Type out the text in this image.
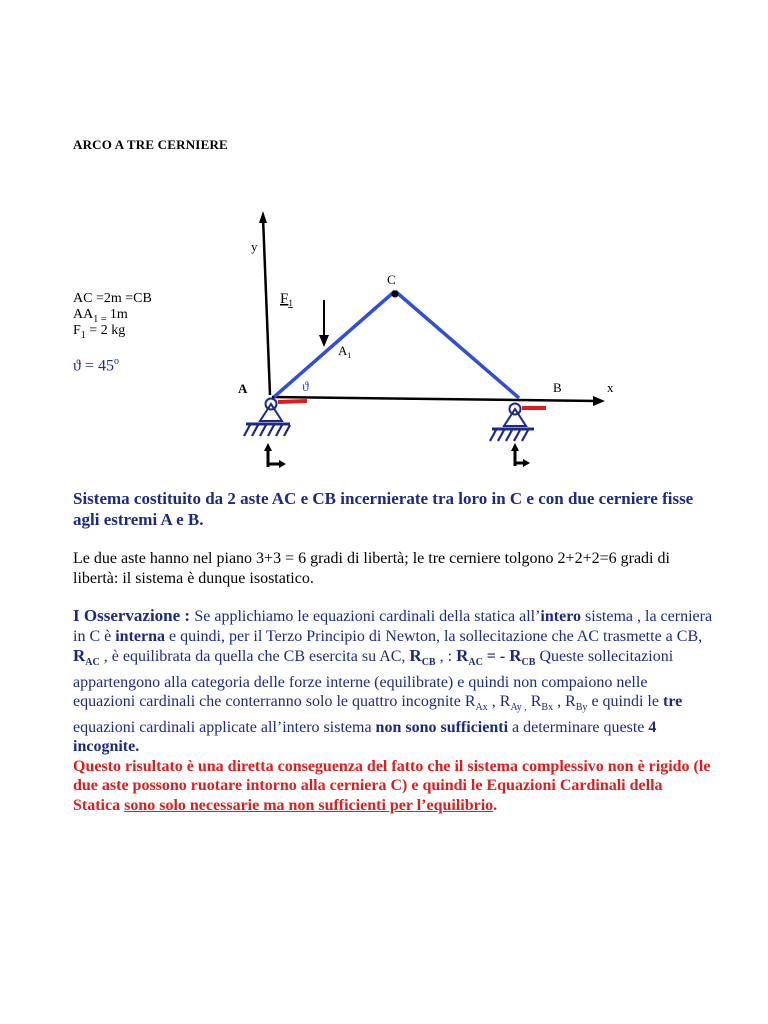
ARCO A TRE CERNIERE
AC =2m =CB
$AA_{1 =}$ 1m
$F_1 = 2$ kg
$ϑ = 45^o$
y
x
C
A	B
$F_1$
$A_1$
ϑ
Sistema costituito da 2 aste AC e CB incernierate tra loro in C e con due cerniere fisse agli estremi A e B.
Le due aste hanno nel piano 3+3 = 6 gradi di libertà; le tre cerniere tolgono 2+2+2=6 gradi di libertà: il sistema è dunque isostatico.
I Osservazione : Se applichiamo le equazioni cardinali della statica all’intero sistema , la cerniera in C è interna e quindi, per il Terzo Principio di Newton, la sollecitazione che AC trasmette a CB, $R_{AC}$ , è equilibrata da quella che CB esercita su AC, $R_{CB}$ , : $R_{AC}$ = - $R_{CB}$ Queste sollecitazioni appartengono alla categoria delle forze interne (equilibrate) e quindi non compaiono nelle equazioni cardinali che conterranno solo le quattro incognite $R_{Ax}$ , $R_{Ay ,}$ $R_{Bx}$ , $R_{By}$ e quindi le tre equazioni cardinali applicate all’intero sistema non sono sufficienti a determinare queste 4 incognite.
Questo risultato è una diretta conseguenza del fatto che il sistema complessivo non è rigido (le due aste possono ruotare intorno alla cerniera C) e quindi le Equazioni Cardinali della Statica sono solo necessarie ma non sufficienti per l’equilibrio.
